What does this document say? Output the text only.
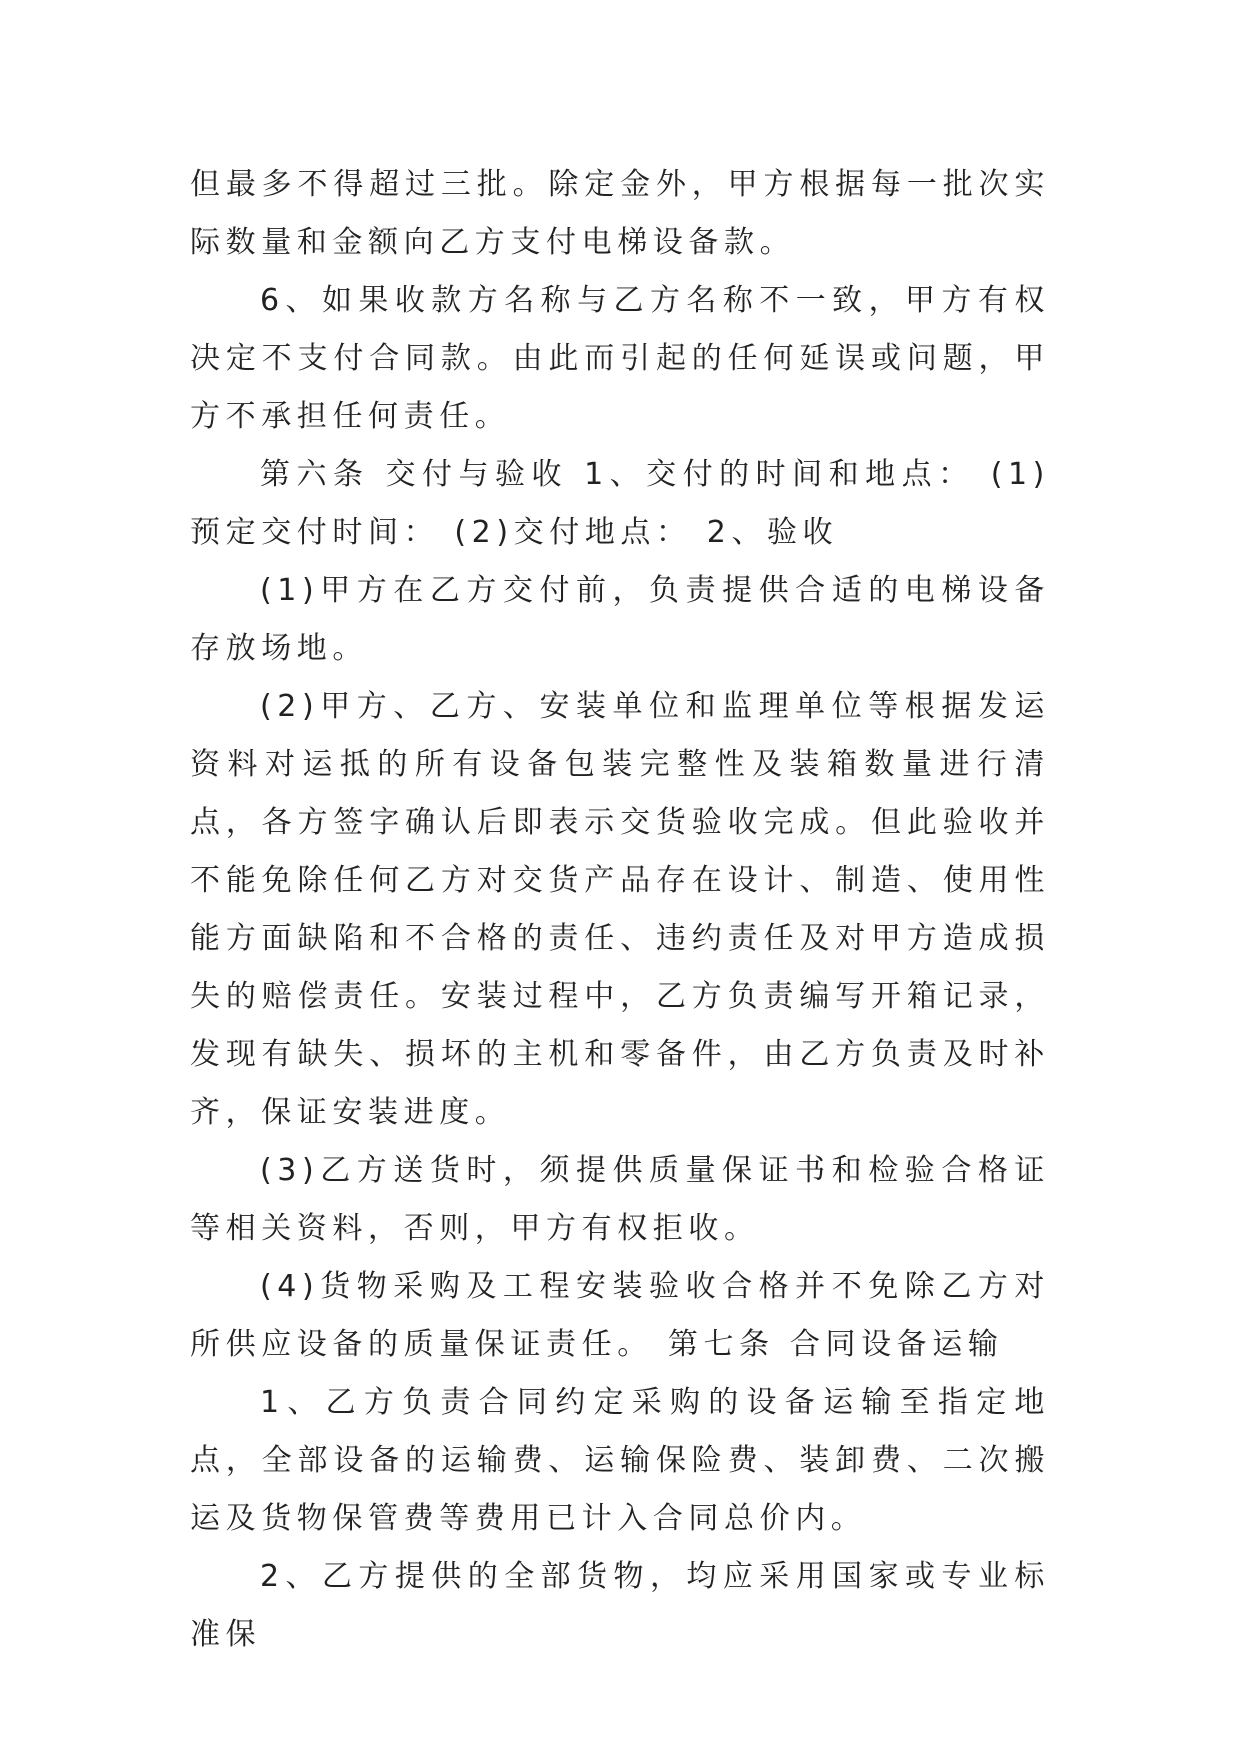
但最多不得超过三批。除定金外，甲方根据每一批次实际数量和金额向乙方支付电梯设备款。

6、如果收款方名称与乙方名称不一致，甲方有权决定不支付合同款。由此而引起的任何延误或问题，甲方不承担任何责任。

第六条 交付与验收 1、交付的时间和地点： (1)预定交付时间： (2)交付地点： 2、验收

(1)甲方在乙方交付前，负责提供合适的电梯设备存放场地。

(2)甲方、乙方、安装单位和监理单位等根据发运资料对运抵的所有设备包装完整性及装箱数量进行清点，各方签字确认后即表示交货验收完成。但此验收并不能免除任何乙方对交货产品存在设计、制造、使用性能方面缺陷和不合格的责任、违约责任及对甲方造成损失的赔偿责任。安装过程中，乙方负责编写开箱记录，发现有缺失、损坏的主机和零备件，由乙方负责及时补齐，保证安装进度。

(3)乙方送货时，须提供质量保证书和检验合格证等相关资料，否则，甲方有权拒收。

(4)货物采购及工程安装验收合格并不免除乙方对所供应设备的质量保证责任。 第七条 合同设备运输

1、乙方负责合同约定采购的设备运输至指定地点，全部设备的运输费、运输保险费、装卸费、二次搬运及货物保管费等费用已计入合同总价内。

2、乙方提供的全部货物，均应采用国家或专业标准保
